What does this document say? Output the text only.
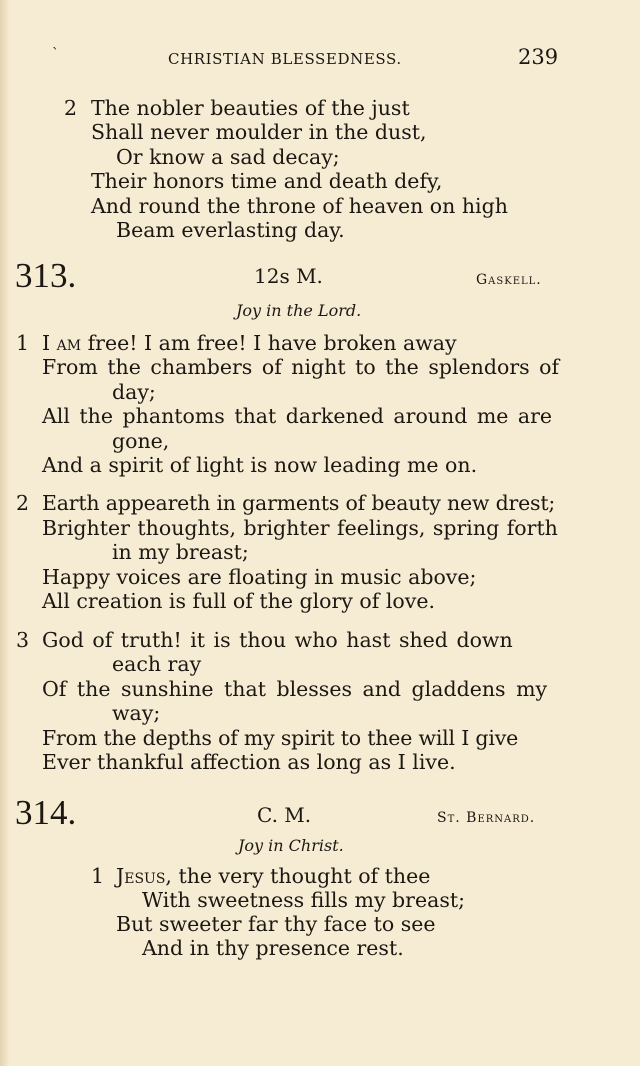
`	CHRISTIAN BLESSEDNESS.	239
2 The nobler beauties of the just
Shall never moulder in the dust,
Or know a sad decay;
Their honors time and death defy,
And round the throne of heaven on high
Beam everlasting day.
313.	12s M.	Gaskell.
Joy in the Lord.
1 I am free! I am free! I have broken away
From the chambers of night to the splendors of
day;
All the phantoms that darkened around me are
gone,
And a spirit of light is now leading me on.
2 Earth appeareth in garments of beauty new drest;
Brighter thoughts, brighter feelings, spring forth
in my breast;
Happy voices are floating in music above;
All creation is full of the glory of love.
3 God of truth! it is thou who hast shed down
each ray
Of the sunshine that blesses and gladdens my
way;
From the depths of my spirit to thee will I give
Ever thankful affection as long as I live.
314.	C. M.	St. Bernard.
Joy in Christ.
1 Jesus, the very thought of thee
With sweetness fills my breast;
But sweeter far thy face to see
And in thy presence rest.
